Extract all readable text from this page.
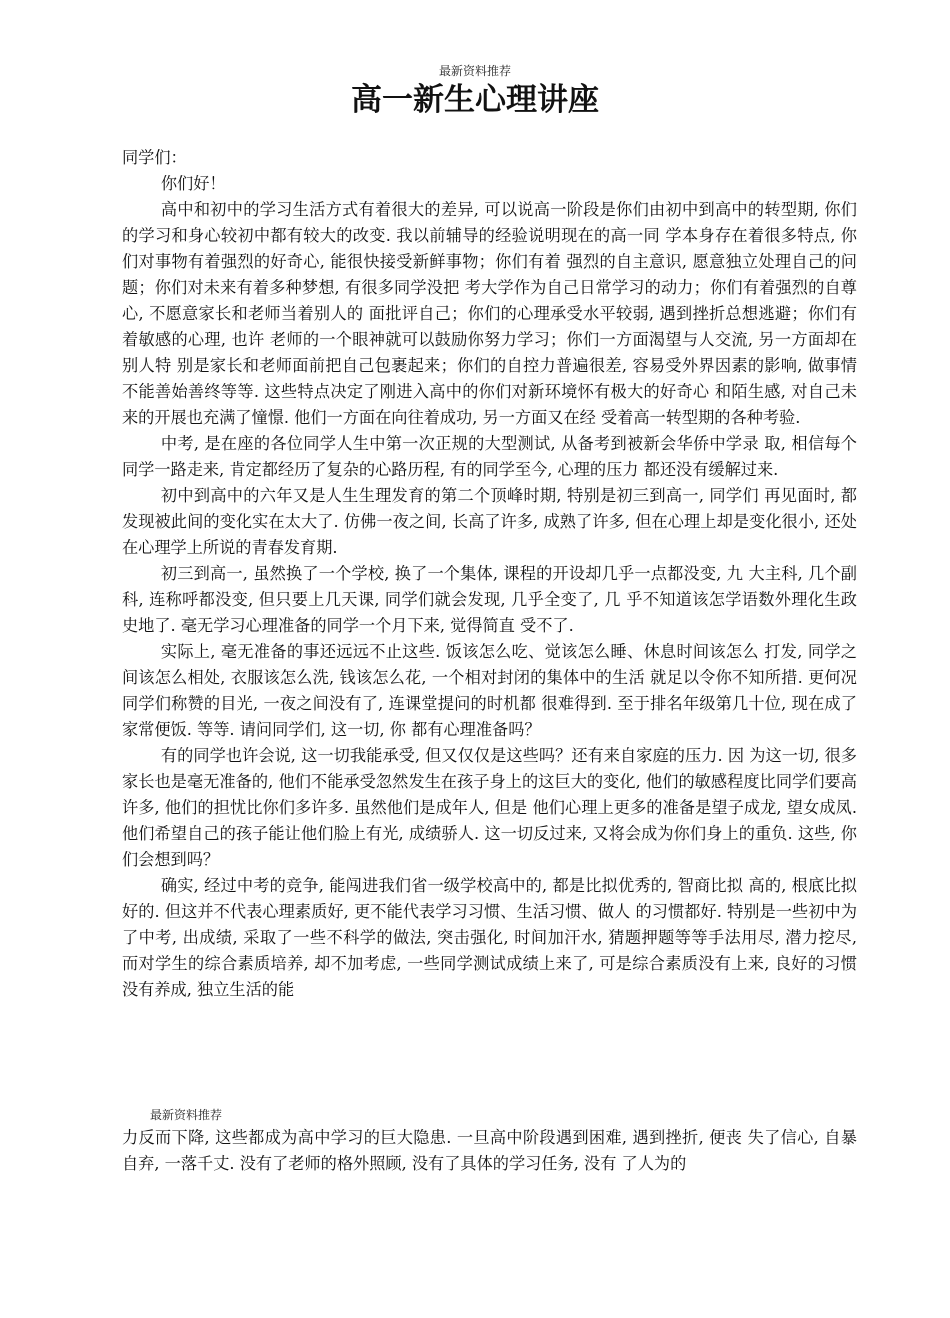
最新资料推荐
高一新生心理讲座

同学们：

你们好！

高中和初中的学习生活方式有着很大的差异, 可以说高一阶段是你们由初中到高中的转型期, 你们的学习和身心较初中都有较大的改变. 我以前辅导的经验说明现在的高一同 学本身存在着很多特点, 你们对事物有着强烈的好奇心, 能很快接受新鲜事物；你们有着 强烈的自主意识, 愿意独立处理自己的问题；你们对未来有着多种梦想, 有很多同学没把 考大学作为自己日常学习的动力；你们有着强烈的自尊心, 不愿意家长和老师当着别人的 面批评自己；你们的心理承受水平较弱, 遇到挫折总想逃避；你们有着敏感的心理, 也许 老师的一个眼神就可以鼓励你努力学习；你们一方面渴望与人交流, 另一方面却在别人特 别是家长和老师面前把自己包裹起来；你们的自控力普遍很差, 容易受外界因素的影响, 做事情不能善始善终等等. 这些特点决定了刚进入高中的你们对新环境怀有极大的好奇心 和陌生感, 对自己未来的开展也充满了憧憬. 他们一方面在向往着成功, 另一方面又在经 受着高一转型期的各种考验.

中考, 是在座的各位同学人生中第一次正规的大型测试, 从备考到被新会华侨中学录 取, 相信每个同学一路走来, 肯定都经历了复杂的心路历程, 有的同学至今, 心理的压力 都还没有缓解过来.

初中到高中的六年又是人生生理发育的第二个顶峰时期, 特别是初三到高一, 同学们 再见面时, 都发现被此间的变化实在太大了. 仿佛一夜之间, 长高了许多, 成熟了许多, 但在心理上却是变化很小, 还处在心理学上所说的青春发育期.

初三到高一, 虽然换了一个学校, 换了一个集体, 课程的开设却几乎一点都没变, 九 大主科, 几个副科, 连称呼都没变, 但只要上几天课, 同学们就会发现, 几乎全变了, 几 乎不知道该怎学语数外理化生政史地了. 毫无学习心理准备的同学一个月下来, 觉得简直 受不了.

实际上, 毫无准备的事还远远不止这些. 饭该怎么吃、觉该怎么睡、休息时间该怎么 打发, 同学之间该怎么相处, 衣服该怎么洗, 钱该怎么花, 一个相对封闭的集体中的生活 就足以令你不知所措. 更何况同学们称赞的目光, 一夜之间没有了, 连课堂提问的时机都 很难得到. 至于排名年级第几十位, 现在成了家常便饭. 等等. 请问同学们, 这一切, 你 都有心理准备吗？

有的同学也许会说, 这一切我能承受, 但又仅仅是这些吗？还有来自家庭的压力. 因 为这一切, 很多家长也是毫无准备的, 他们不能承受忽然发生在孩子身上的这巨大的变化, 他们的敏感程度比同学们要高许多, 他们的担忧比你们多许多. 虽然他们是成年人, 但是 他们心理上更多的准备是望子成龙, 望女成凤. 他们希望自己的孩子能让他们脸上有光, 成绩骄人. 这一切反过来, 又将会成为你们身上的重负. 这些, 你们会想到吗？

确实, 经过中考的竞争, 能闯进我们省一级学校高中的, 都是比拟优秀的, 智商比拟 高的, 根底比拟好的. 但这并不代表心理素质好, 更不能代表学习习惯、生活习惯、做人 的习惯都好. 特别是一些初中为了中考, 出成绩, 采取了一些不科学的做法, 突击强化, 时间加汗水, 猜题押题等等手法用尽, 潜力挖尽, 而对学生的综合素质培养, 却不加考虑, 一些同学测试成绩上来了, 可是综合素质没有上来, 良好的习惯没有养成, 独立生活的能

最新资料推荐

力反而下降, 这些都成为高中学习的巨大隐患. 一旦高中阶段遇到困难, 遇到挫折, 便丧 失了信心, 自暴自弃, 一落千丈. 没有了老师的格外照顾, 没有了具体的学习任务, 没有 了人为的
